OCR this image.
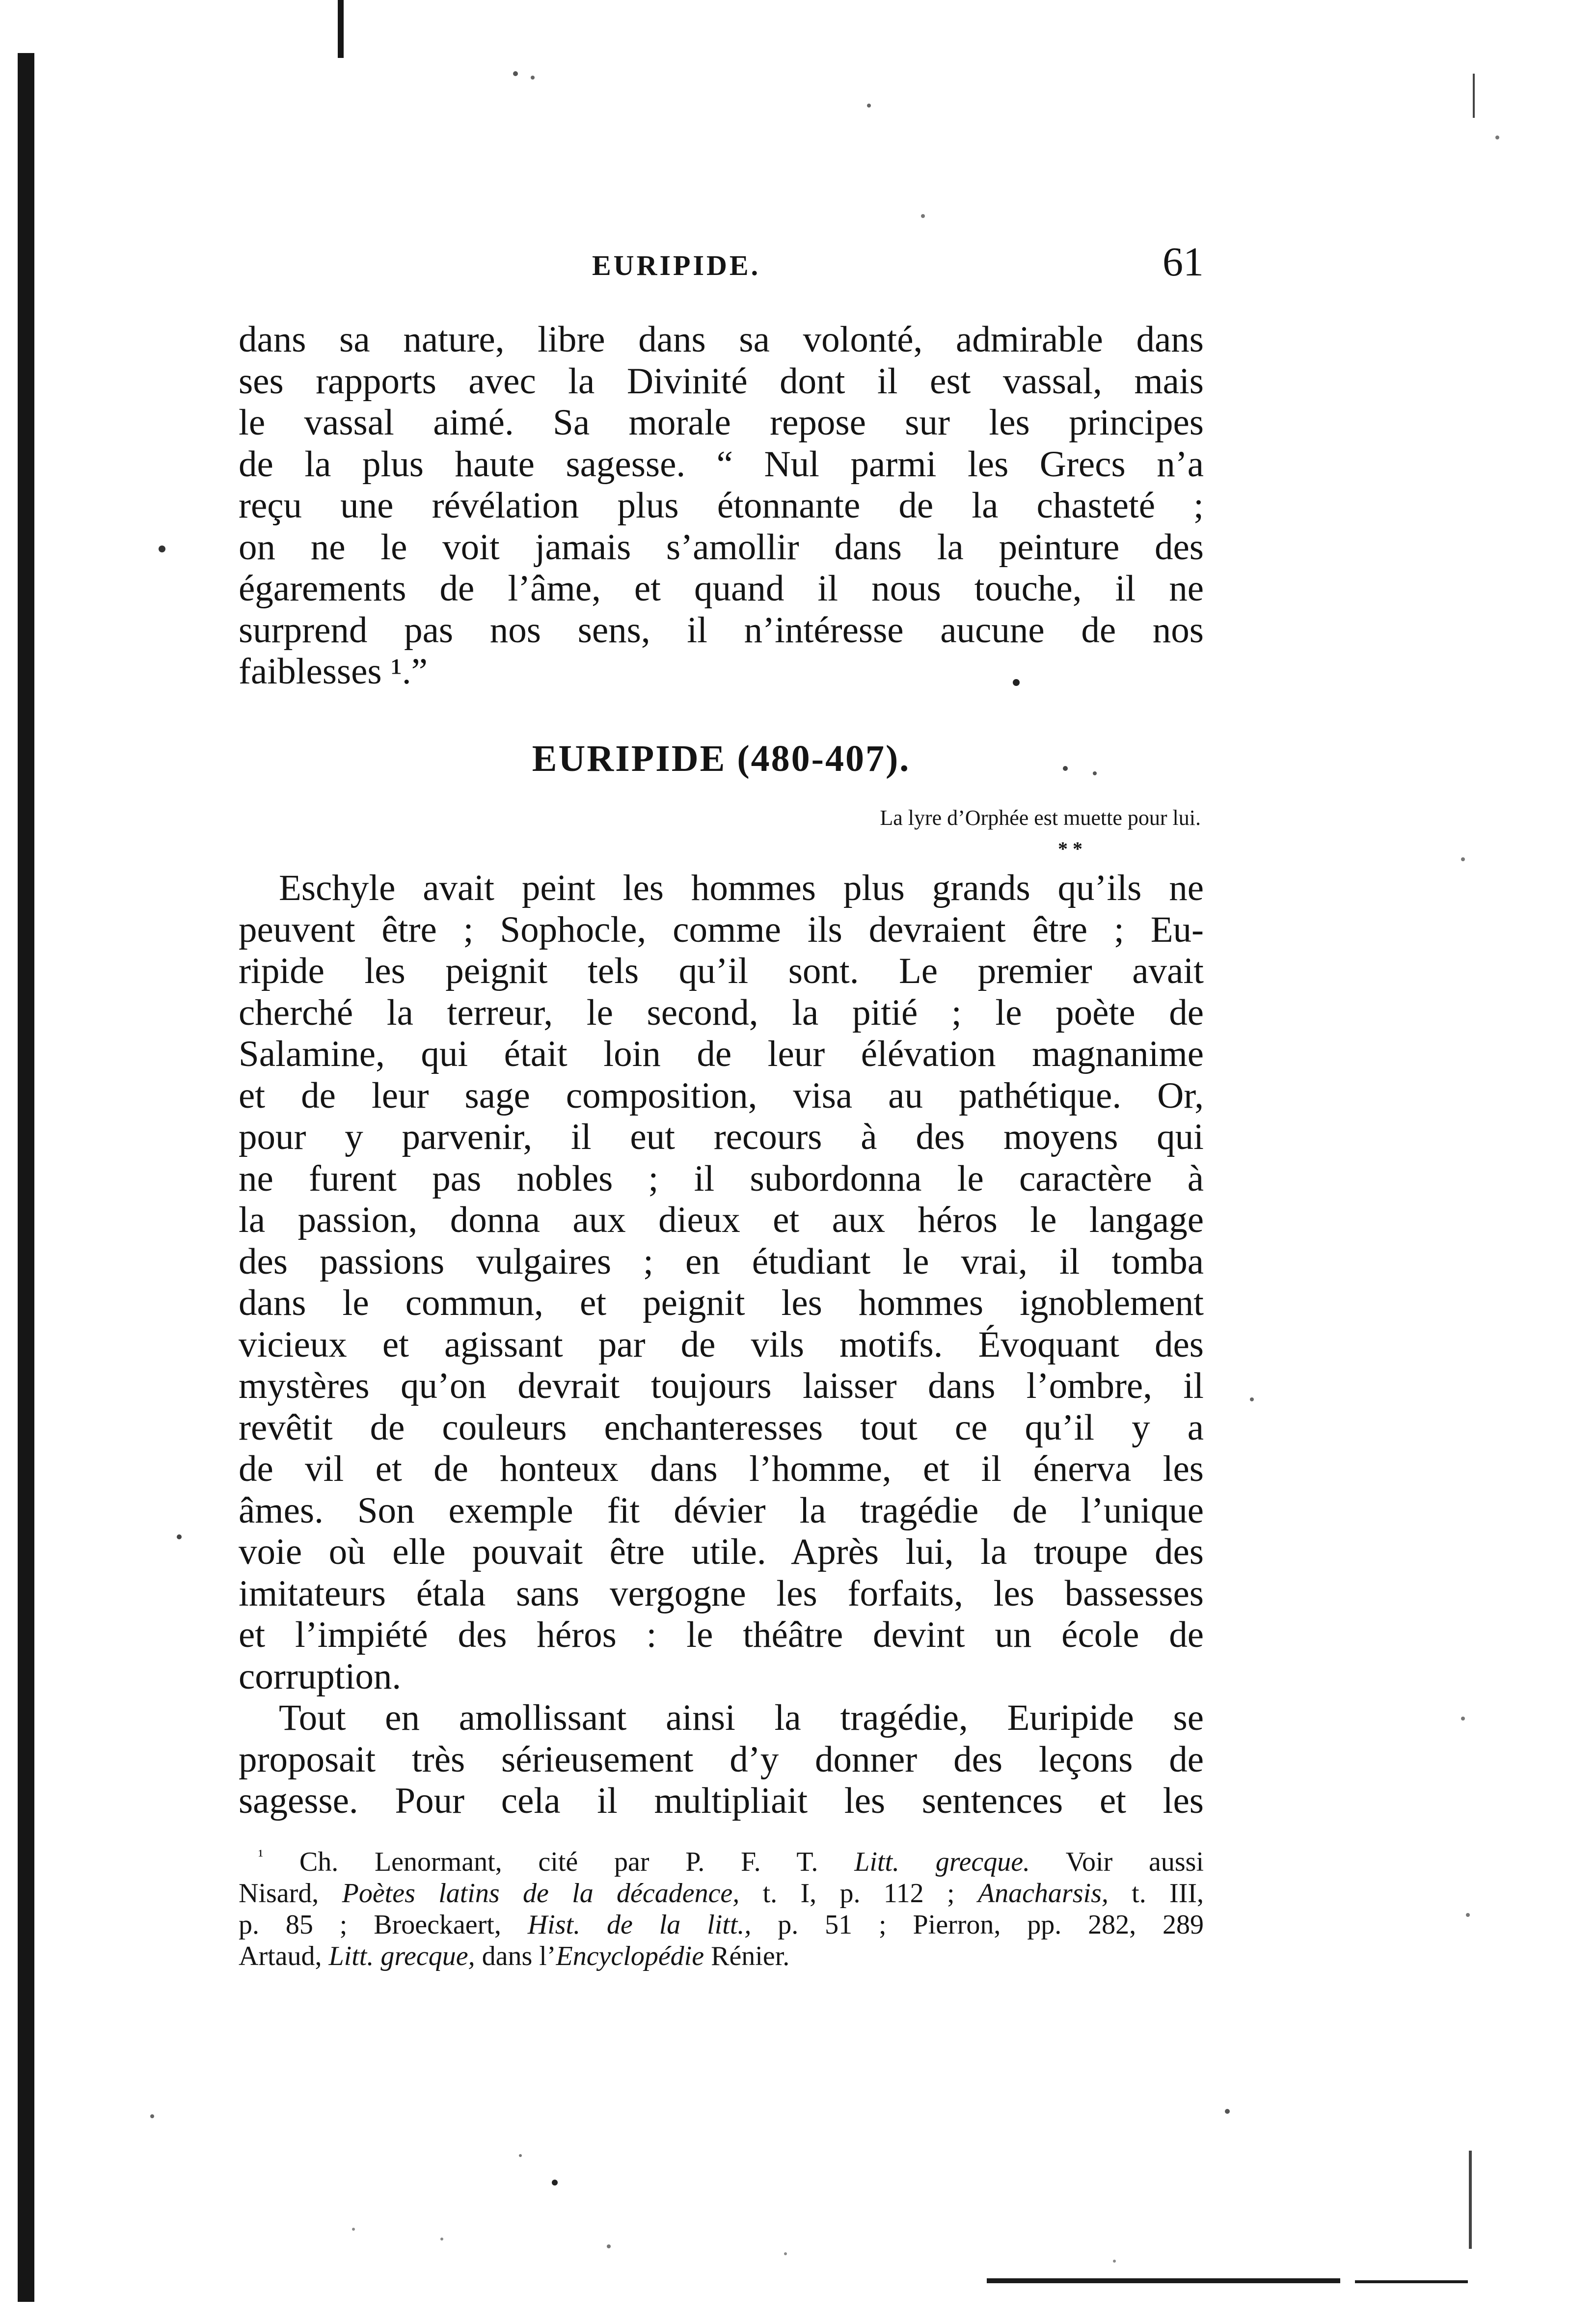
EURIPIDE.	61
dans sa nature, libre dans sa volonté, admirable dans
ses rapports avec la Divinité dont il est vassal, mais
le vassal aimé. Sa morale repose sur les principes
de la plus haute sagesse. “ Nul parmi les Grecs n’a
reçu une révélation plus étonnante de la chasteté ;
on ne le voit jamais s’amollir dans la peinture des
égarements de l’âme, et quand il nous touche, il ne
surprend pas nos sens, il n’intéresse aucune de nos
faiblesses ¹.”
EURIPIDE (480-407).
La lyre d’Orphée est muette pour lui.
* *
Eschyle avait peint les hommes plus grands qu’ils ne
peuvent être ; Sophocle, comme ils devraient être ; Eu-
ripide les peignit tels qu’il sont. Le premier avait
cherché la terreur, le second, la pitié ; le poète de
Salamine, qui était loin de leur élévation magnanime
et de leur sage composition, visa au pathétique. Or,
pour y parvenir, il eut recours à des moyens qui
ne furent pas nobles ; il subordonna le caractère à
la passion, donna aux dieux et aux héros le langage
des passions vulgaires ; en étudiant le vrai, il tomba
dans le commun, et peignit les hommes ignoblement
vicieux et agissant par de vils motifs. Évoquant des
mystères qu’on devrait toujours laisser dans l’ombre, il
revêtit de couleurs enchanteresses tout ce qu’il y a
de vil et de honteux dans l’homme, et il énerva les
âmes. Son exemple fit dévier la tragédie de l’unique
voie où elle pouvait être utile. Après lui, la troupe des
imitateurs étala sans vergogne les forfaits, les bassesses
et l’impiété des héros : le théâtre devint un école de
corruption.
Tout en amollissant ainsi la tragédie, Euripide se
proposait très sérieusement d’y donner des leçons de
sagesse. Pour cela il multipliait les sentences et les
$^{^1}$ Ch. Lenormant, cité par P. F. T. Litt. grecque. Voir aussi
Nisard, Poètes latins de la décadence, t. I, p. 112 ; Anacharsis, t. III,
p. 85 ; Broeckaert, Hist. de la litt., p. 51 ; Pierron, pp. 282, 289
Artaud, Litt. grecque, dans l’Encyclopédie Rénier.
